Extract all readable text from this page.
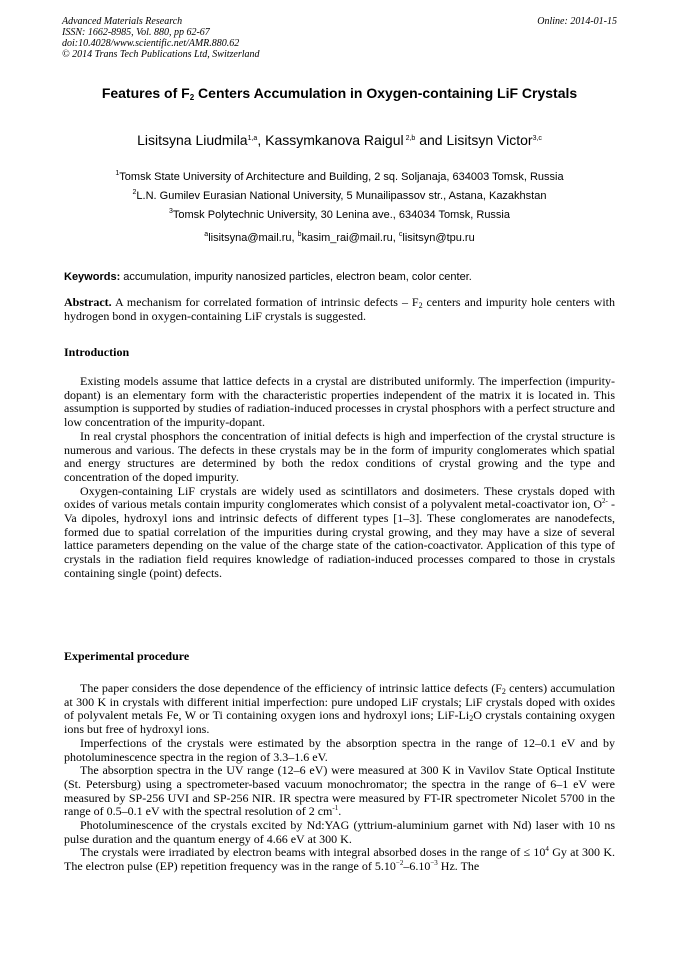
Advanced Materials Research
ISSN: 1662-8985, Vol. 880, pp 62-67
doi:10.4028/www.scientific.net/AMR.880.62
© 2014 Trans Tech Publications Ltd, Switzerland
Online: 2014-01-15
Features of $F_2$ Centers Accumulation in Oxygen-containing LiF Crystals
Lisitsyna Liudmila$^{1,a}$, Kassymkanova Raigul $^{2,b}$ and Lisitsyn Victor$^{3,c}$
$^1$Tomsk State University of Architecture and Building, 2 sq. Soljanaja, 634003 Tomsk, Russia
$^2$L.N. Gumilev Eurasian National University, 5 Munailipassov str., Astana, Kazakhstan
$^3$Tomsk Polytechnic University, 30 Lenina ave., 634034 Tomsk, Russia
$^a$lisitsyna@mail.ru, $^b$kasim_rai@mail.ru, $^c$lisitsyn@tpu.ru
Keywords: accumulation, impurity nanosized particles, electron beam, color center.

Abstract. A mechanism for correlated formation of intrinsic defects – $F_2$ centers and impurity hole centers with hydrogen bond in oxygen-containing LiF crystals is suggested.

Introduction

Existing models assume that lattice defects in a crystal are distributed uniformly. The imperfection (impurity-dopant) is an elementary form with the characteristic properties independent of the matrix it is located in. This assumption is supported by studies of radiation-induced processes in crystal phosphors with a perfect structure and low concentration of the impurity-dopant.

In real crystal phosphors the concentration of initial defects is high and imperfection of the crystal structure is numerous and various. The defects in these crystals may be in the form of impurity conglomerates which spatial and energy structures are determined by both the redox conditions of crystal growing and the type and concentration of the doped impurity.

Oxygen-containing LiF crystals are widely used as scintillators and dosimeters. These crystals doped with oxides of various metals contain impurity conglomerates which consist of a polyvalent metal-coactivator ion, $O^{2-}$ - Va dipoles, hydroxyl ions and intrinsic defects of different types [1–3]. These conglomerates are nanodefects, formed due to spatial correlation of the impurities during crystal growing, and they may have a size of several lattice parameters depending on the value of the charge state of the cation-coactivator. Application of this type of crystals in the radiation field requires knowledge of radiation-induced processes compared to those in crystals containing single (point) defects.

Experimental procedure

The paper considers the dose dependence of the efficiency of intrinsic lattice defects ($F_2$ centers) accumulation at 300 K in crystals with different initial imperfection: pure undoped LiF crystals; LiF crystals doped with oxides of polyvalent metals Fe, W or Ti containing oxygen ions and hydroxyl ions; LiF-$Li_2O$ crystals containing oxygen ions but free of hydroxyl ions.

Imperfections of the crystals were estimated by the absorption spectra in the range of 12–0.1 eV and by photoluminescence spectra in the region of 3.3–1.6 eV.

The absorption spectra in the UV range (12–6 eV) were measured at 300 K in Vavilov State Optical Institute (St. Petersburg) using a spectrometer-based vacuum monochromator; the spectra in the range of 6–1 eV were measured by SP-256 UVI and SP-256 NIR. IR spectra were measured by FT-IR spectrometer Nicolet 5700 in the range of 0.5–0.1 eV with the spectral resolution of 2 $cm^{-1}$.

Photoluminescence of the crystals excited by Nd:YAG (yttrium-aluminium garnet with Nd) laser with 10 ns pulse duration and the quantum energy of 4.66 eV at 300 K.

The crystals were irradiated by electron beams with integral absorbed doses in the range of ≤ $10^4$ Gy at 300 K. The electron pulse (EP) repetition frequency was in the range of $5.10^{-2}-6.10^{-3}$ Hz. The
